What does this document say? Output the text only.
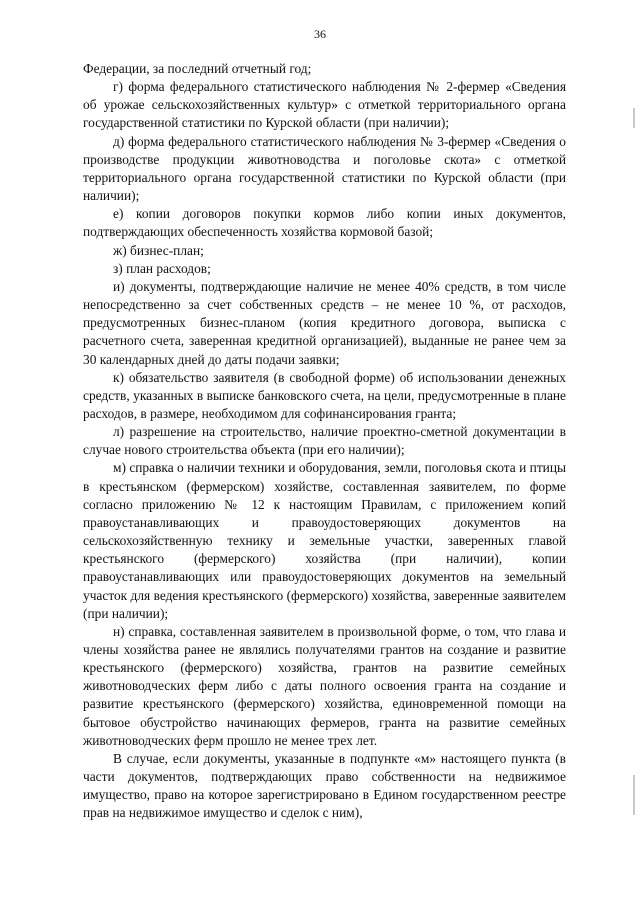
36

Федерации, за последний отчетный год;

г) форма федерального статистического наблюдения № 2-фермер «Сведения об урожае сельскохозяйственных культур» с отметкой территориального органа государственной статистики по Курской области (при наличии);

д) форма федерального статистического наблюдения № 3-фермер «Сведения о производстве продукции животноводства и поголовье скота» с отметкой территориального органа государственной статистики по Курской области (при наличии);

е) копии договоров покупки кормов либо копии иных документов, подтверждающих обеспеченность хозяйства кормовой базой;

ж) бизнес-план;

з) план расходов;

и) документы, подтверждающие наличие не менее 40% средств, в том числе непосредственно за счет собственных средств – не менее 10 %, от расходов, предусмотренных бизнес-планом (копия кредитного договора, выписка с расчетного счета, заверенная кредитной организацией), выданные не ранее чем за 30 календарных дней до даты подачи заявки;

к) обязательство заявителя (в свободной форме) об использовании денежных средств, указанных в выписке банковского счета, на цели, предусмотренные в плане расходов, в размере, необходимом для софинансирования гранта;

л) разрешение на строительство, наличие проектно-сметной документации в случае нового строительства объекта (при его наличии);

м) справка о наличии техники и оборудования, земли, поголовья скота и птицы в крестьянском (фермерском) хозяйстве, составленная заявителем, по форме согласно приложению № 12 к настоящим Правилам, с приложением копий правоустанавливающих и правоудостоверяющих документов на сельскохозяйственную технику и земельные участки, заверенных главой крестьянского (фермерского) хозяйства (при наличии), копии правоустанавливающих или правоудостоверяющих документов на земельный участок для ведения крестьянского (фермерского) хозяйства, заверенные заявителем (при наличии);

н) справка, составленная заявителем в произвольной форме, о том, что глава и члены хозяйства ранее не являлись получателями грантов на создание и развитие крестьянского (фермерского) хозяйства, грантов на развитие семейных животноводческих ферм либо с даты полного освоения гранта на создание и развитие крестьянского (фермерского) хозяйства, единовременной помощи на бытовое обустройство начинающих фермеров, гранта на развитие семейных животноводческих ферм прошло не менее трех лет.

В случае, если документы, указанные в подпункте «м» настоящего пункта (в части документов, подтверждающих право собственности на недвижимое имущество, право на которое зарегистрировано в Едином государственном реестре прав на недвижимое имущество и сделок с ним),
